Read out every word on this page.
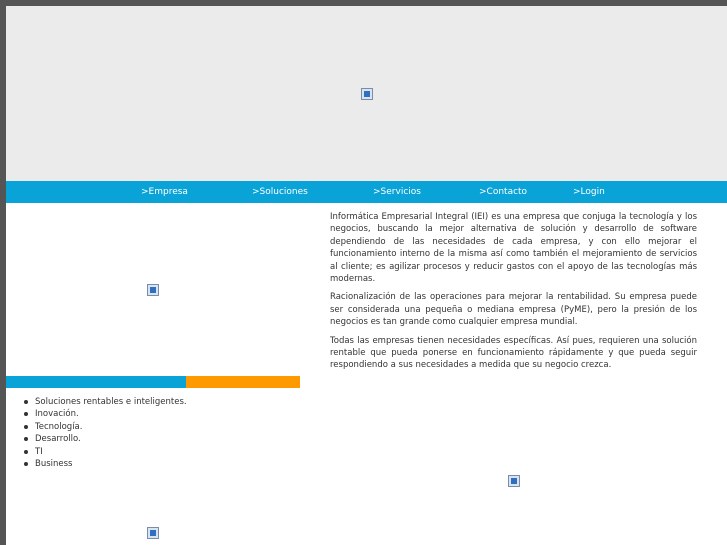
>Empresa	>Soluciones	>Servicios	>Contacto	>Login

Informática Empresarial Integral (IEI) es una empresa que conjuga la tecnología y los negocios, buscando la mejor alternativa de solución y desarrollo de software dependiendo de las necesidades de cada empresa, y con ello mejorar el funcionamiento interno de la misma así como también el mejoramiento de servicios al cliente; es agilizar procesos y reducir gastos con el apoyo de las tecnologías más modernas.

Racionalización de las operaciones para mejorar la rentabilidad. Su empresa puede ser considerada una pequeña o mediana empresa (PyME), pero la presión de los negocios es tan grande como cualquier empresa mundial.

Todas las empresas tienen necesidades específicas. Así pues, requieren una solución rentable que pueda ponerse en funcionamiento rápidamente y que pueda seguir respondiendo a sus necesidades a medida que su negocio crezca.

Soluciones rentables e inteligentes.
Inovación.
Tecnología.
Desarrollo.
TI
Business
